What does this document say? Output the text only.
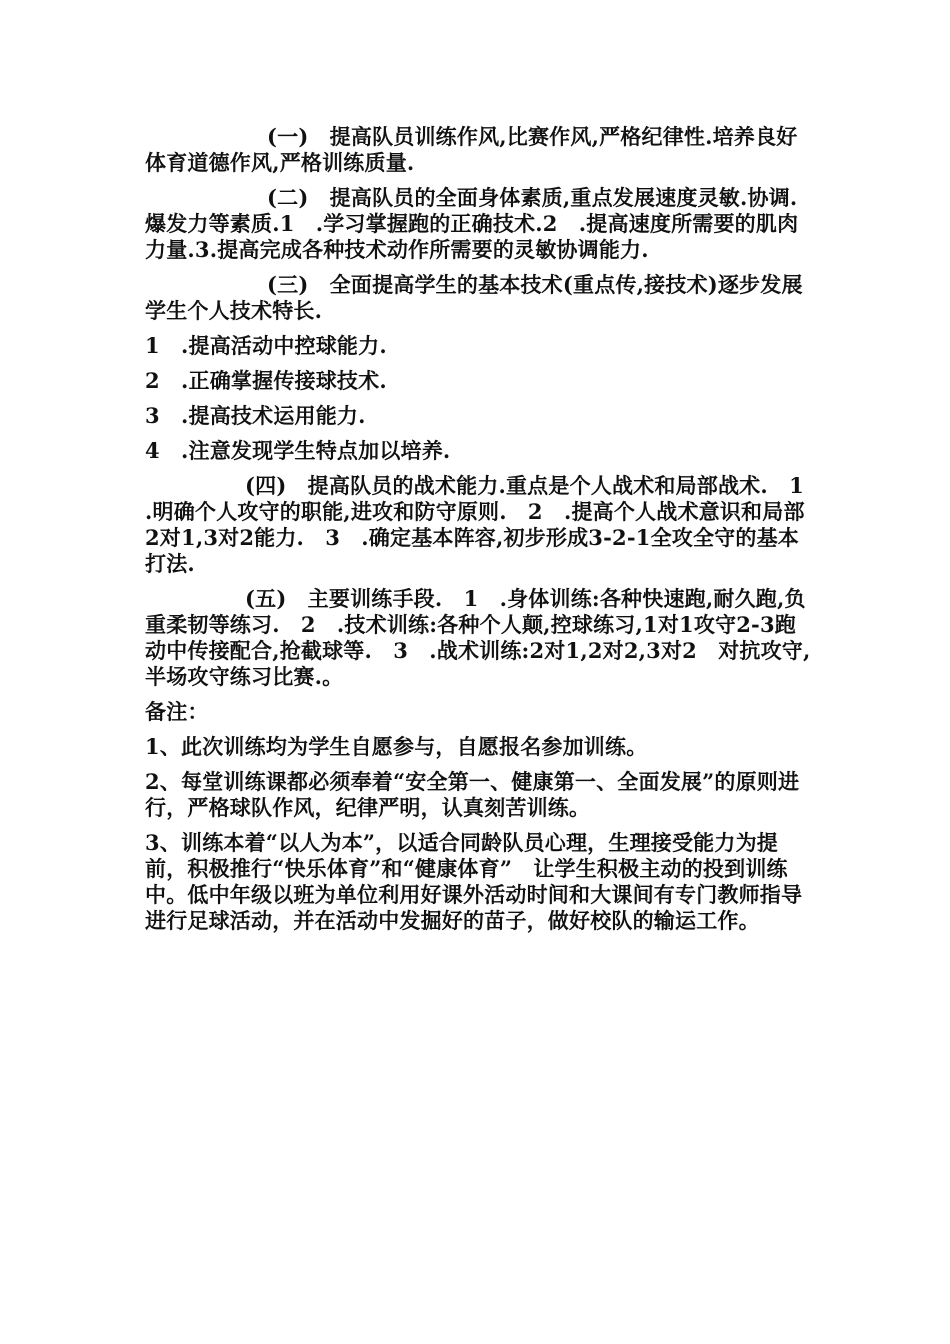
(一)　提高队员训练作风,比赛作风,严格纪律性.培养良好体育道德作风,严格训练质量.

(二)　提高队员的全面身体素质,重点发展速度灵敏.协调.爆发力等素质.1　.学习掌握跑的正确技术.2　.提高速度所需要的肌肉力量.3.提高完成各种技术动作所需要的灵敏协调能力.

(三)　全面提高学生的基本技术(重点传,接技术)逐步发展学生个人技术特长.

1　.提高活动中控球能力.

2　.正确掌握传接球技术.

3　.提高技术运用能力.

4　.注意发现学生特点加以培养.

(四)　提高队员的战术能力.重点是个人战术和局部战术.　1　.明确个人攻守的职能,进攻和防守原则.　2　.提高个人战术意识和局部2对1,3对2能力.　3　.确定基本阵容,初步形成3-2-1全攻全守的基本打法.

(五)　主要训练手段.　1　.身体训练:各种快速跑,耐久跑,负重柔韧等练习.　2　.技术训练:各种个人颠,控球练习,1对1攻守2-3跑动中传接配合,抢截球等.　3　.战术训练:2对1,2对2,3对2　对抗攻守,半场攻守练习比赛.。

备注：

1、此次训练均为学生自愿参与，自愿报名参加训练。

2、每堂训练课都必须奉着“安全第一、健康第一、全面发展”的原则进行，严格球队作风，纪律严明，认真刻苦训练。

3、训练本着“以人为本”，以适合同龄队员心理，生理接受能力为提前，积极推行“快乐体育”和“健康体育”　让学生积极主动的投到训练中。低中年级以班为单位利用好课外活动时间和大课间有专门教师指导进行足球活动，并在活动中发掘好的苗子，做好校队的输运工作。
